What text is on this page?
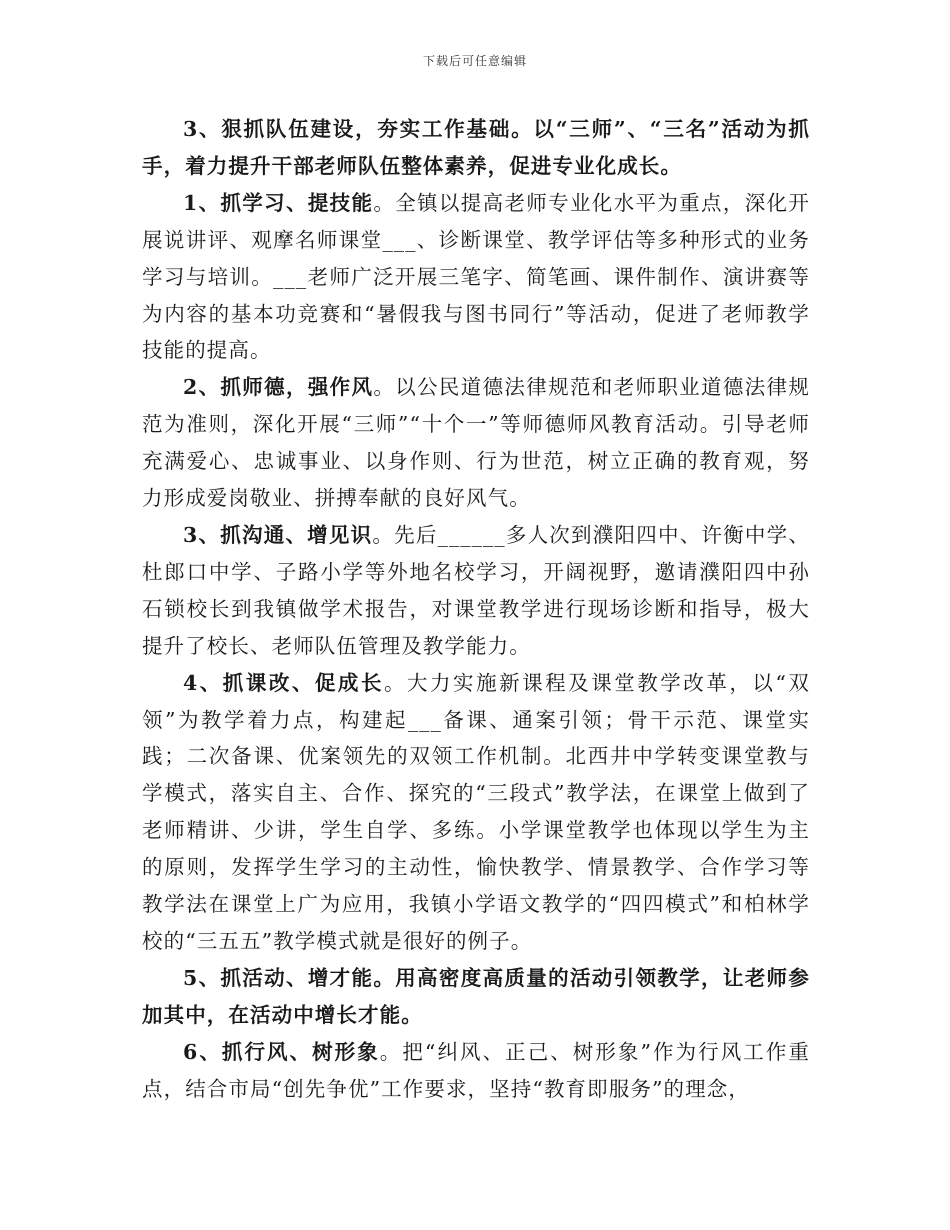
下载后可任意编辑

3、狠抓队伍建设，夯实工作基础。以“三师”、“三名”活动为抓手，着力提升干部老师队伍整体素养，促进专业化成长。

1、抓学习、提技能。全镇以提高老师专业化水平为重点，深化开展说讲评、观摩名师课堂___、诊断课堂、教学评估等多种形式的业务学习与培训。___老师广泛开展三笔字、简笔画、课件制作、演讲赛等为内容的基本功竞赛和“暑假我与图书同行”等活动，促进了老师教学技能的提高。

2、抓师德，强作风。以公民道德法律规范和老师职业道德法律规范为准则，深化开展“三师”“十个一”等师德师风教育活动。引导老师充满爱心、忠诚事业、以身作则、行为世范，树立正确的教育观，努力形成爱岗敬业、拼搏奉献的良好风气。

3、抓沟通、增见识。先后______多人次到濮阳四中、许衡中学、杜郎口中学、子路小学等外地名校学习，开阔视野，邀请濮阳四中孙石锁校长到我镇做学术报告，对课堂教学进行现场诊断和指导，极大提升了校长、老师队伍管理及教学能力。

4、抓课改、促成长。大力实施新课程及课堂教学改革，以“双领”为教学着力点，构建起___备课、通案引领；骨干示范、课堂实践；二次备课、优案领先的双领工作机制。北西井中学转变课堂教与学模式，落实自主、合作、探究的“三段式”教学法，在课堂上做到了老师精讲、少讲，学生自学、多练。小学课堂教学也体现以学生为主的原则，发挥学生学习的主动性，愉快教学、情景教学、合作学习等教学法在课堂上广为应用，我镇小学语文教学的“四四模式”和柏林学校的“三五五”教学模式就是很好的例子。

5、抓活动、增才能。用高密度高质量的活动引领教学，让老师参加其中，在活动中增长才能。

6、抓行风、树形象。把“纠风、正己、树形象”作为行风工作重点，结合市局“创先争优”工作要求，坚持“教育即服务”的理念，
